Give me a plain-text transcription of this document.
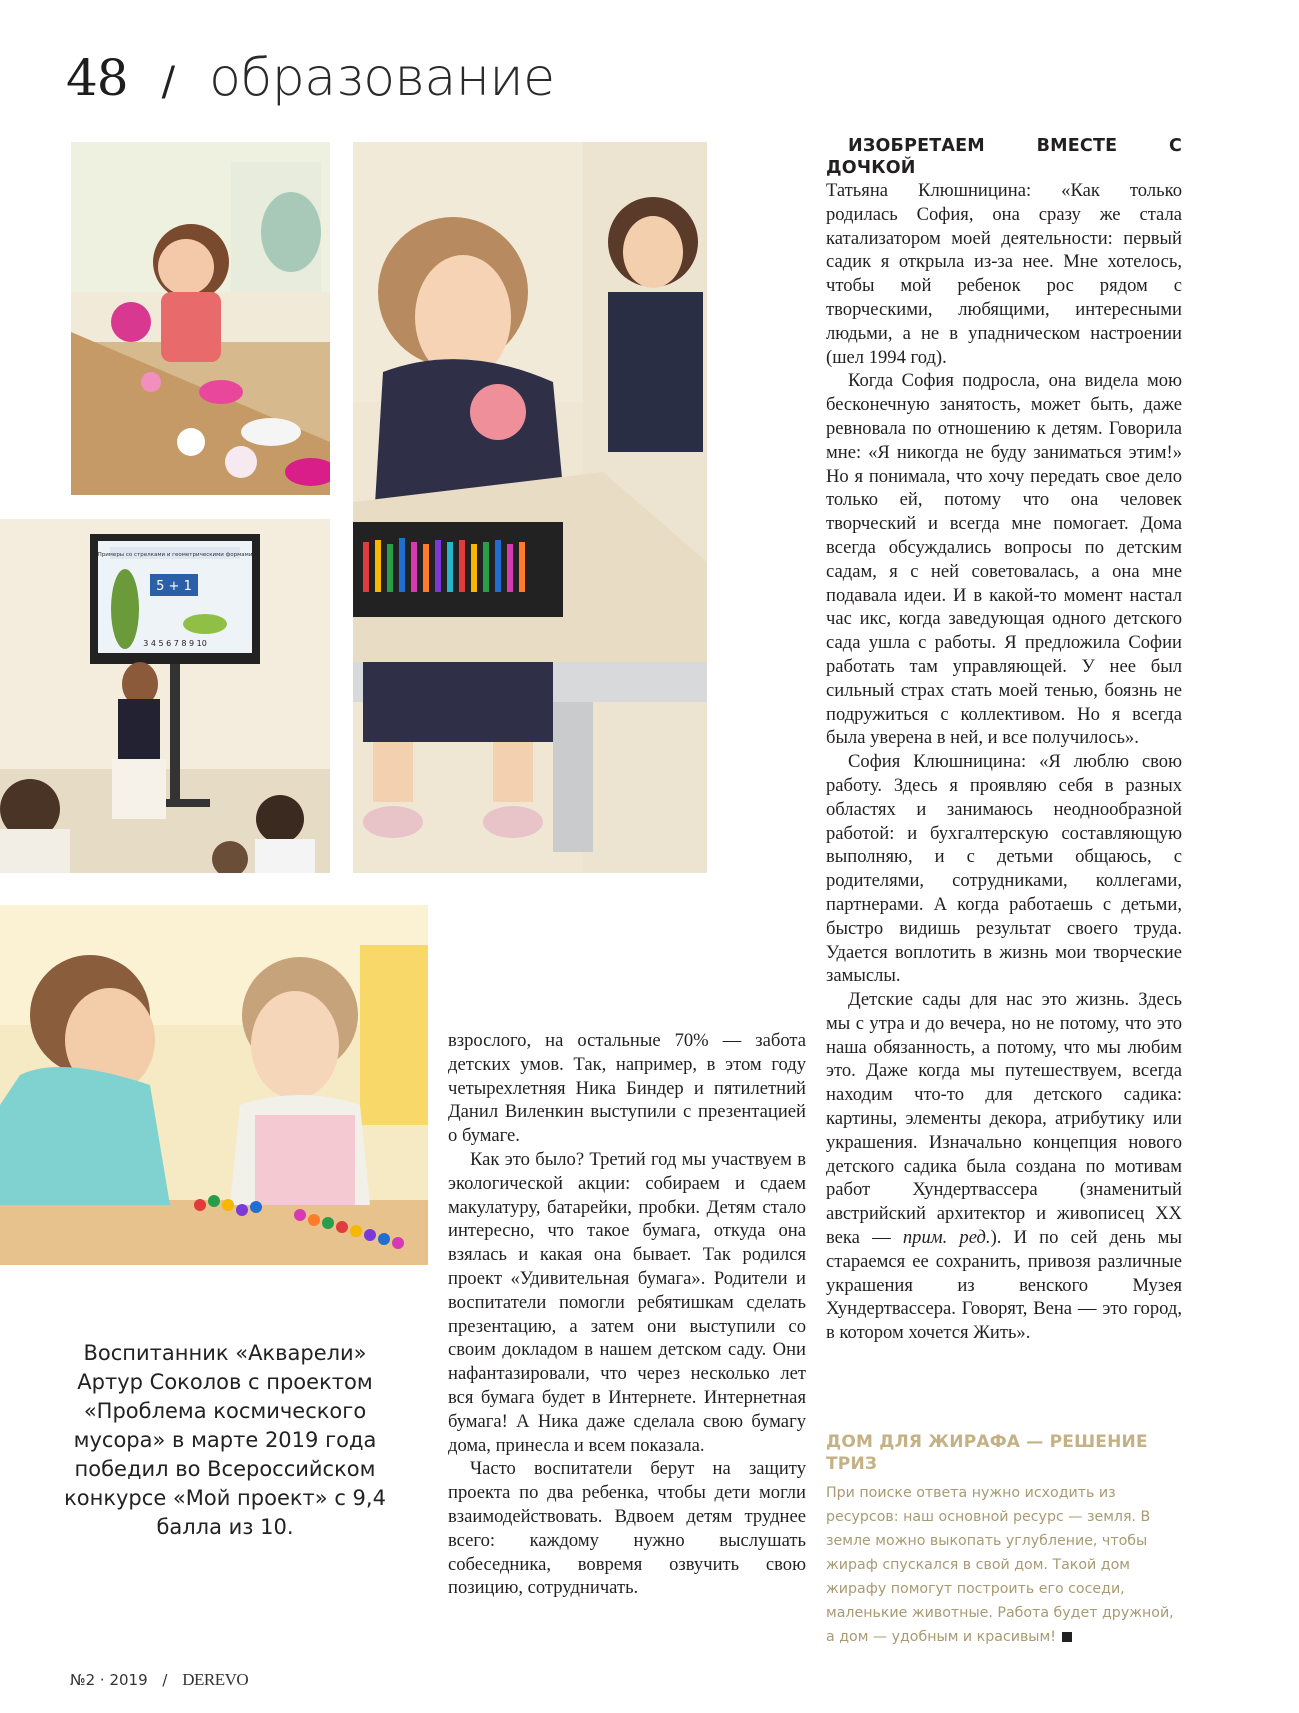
48 / образование
Примеры со стрелками и геометрическими формами
5 + 1
3 4 5 6 7 8 9 10
Воспитанник «Акварели» Артур Соколов с проектом «Проблема космического мусора» в марте 2019 года победил во Всероссийском конкурсе «Мой проект» с 9,4 балла из 10.

взрослого, на остальные 70% — забота детских умов. Так, например, в этом году четырехлетняя Ника Биндер и пятилетний Данил Виленкин выступили с презентацией о бумаге.

Как это было? Третий год мы участвуем в экологической акции: собираем и сдаем макулатуру, батарейки, пробки. Детям стало интересно, что такое бумага, откуда она взялась и какая она бывает. Так родился проект «Удивительная бумага». Родители и воспитатели помогли ребятишкам сделать презентацию, а затем они выступили со своим докладом в нашем детском саду. Они нафантазировали, что через несколько лет вся бумага будет в Интернете. Интернетная бумага! А Ника даже сделала свою бумагу дома, принесла и всем показала.

Часто воспитатели берут на защиту проекта по два ребенка, чтобы дети могли взаимодействовать. Вдвоем детям труднее всего: каждому нужно выслушать собеседника, вовремя озвучить свою позицию, сотрудничать.

ИЗОБРЕТАЕМ ВМЕСТЕ С ДОЧКОЙ

Татьяна Клюшницина: «Как только родилась София, она сразу же стала катализатором моей деятельности: первый садик я открыла из-за нее. Мне хотелось, чтобы мой ребенок рос рядом с творческими, любящими, интересными людьми, а не в упадническом настроении (шел 1994 год).

Когда София подросла, она видела мою бесконечную занятость, может быть, даже ревновала по отношению к детям. Говорила мне: «Я никогда не буду заниматься этим!» Но я понимала, что хочу передать свое дело только ей, потому что она человек творческий и всегда мне помогает. Дома всегда обсуждались вопросы по детским садам, я с ней советовалась, а она мне подавала идеи. И в какой-то момент настал час икс, когда заведующая одного детского сада ушла с работы. Я предложила Софии работать там управляющей. У нее был сильный страх стать моей тенью, боязнь не подружиться с коллективом. Но я всегда была уверена в ней, и все получилось».

София Клюшницина: «Я люблю свою работу. Здесь я проявляю себя в разных областях и занимаюсь неоднообразной работой: и бухгалтерскую составляющую выполняю, и с детьми общаюсь, с родителями, сотрудниками, коллегами, партнерами. А когда работаешь с детьми, быстро видишь результат своего труда. Удается воплотить в жизнь мои творческие замыслы.

Детские сады для нас это жизнь. Здесь мы с утра и до вечера, но не потому, что это наша обязанность, а потому, что мы любим это. Даже когда мы путешествуем, всегда находим что-то для детского садика: картины, элементы декора, атрибутику или украшения. Изначально концепция нового детского садика была создана по мотивам работ Хундертвассера (знаменитый австрийский архитектор и живописец XX века — прим. ред.). И по сей день мы стараемся ее сохранить, привозя различные украшения из венского Музея Хундертвассера. Говорят, Вена — это город, в котором хочется Жить».

ДОМ ДЛЯ ЖИРАФА — РЕШЕНИЕ ТРИЗ
При поиске ответа нужно исходить из ресурсов: наш основной ресурс — земля. В земле можно выкопать углубление, чтобы жираф спускался в свой дом. Такой дом жирафу помогут построить его соседи, маленькие животные. Работа будет дружной, а дом — удобным и красивым!
№2 · 2019 / DEREVO
